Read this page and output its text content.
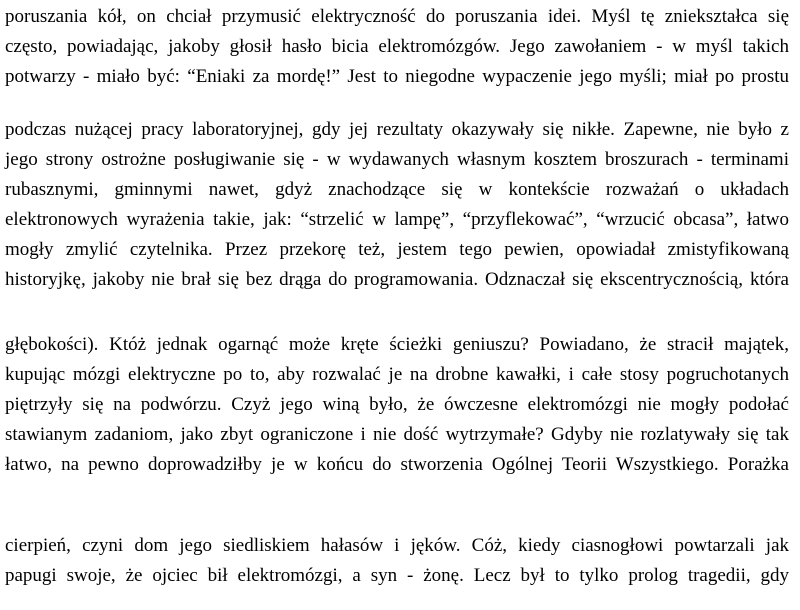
poruszania kół, on chciał przymusić elektryczność do poruszania idei. Myśl tę zniekształca się
często, powiadając, jakoby głosił hasło bicia elektromózgów. Jego zawołaniem - w myśl takich
potwarzy - miało być: “Eniaki za mordę!” Jest to niegodne wypaczenie jego myśli; miał po prostu
podczas nużącej pracy laboratoryjnej, gdy jej rezultaty okazywały się nikłe. Zapewne, nie było z
jego strony ostrożne posługiwanie się - w wydawanych własnym kosztem broszurach - terminami
rubasznymi, gminnymi nawet, gdyż znachodzące się w kontekście rozważań o układach
elektronowych wyrażenia takie, jak: “strzelić w lampę”, “przyflekować”, “wrzucić obcasa”, łatwo
mogły zmylić czytelnika. Przez przekorę też, jestem tego pewien, opowiadał zmistyfikowaną
historyjkę, jakoby nie brał się bez drąga do programowania. Odznaczał się ekscentrycznością, która
głębokości). Któż jednak ogarnąć może kręte ścieżki geniuszu? Powiadano, że stracił majątek,
kupując mózgi elektryczne po to, aby rozwalać je na drobne kawałki, i całe stosy pogruchotanych
piętrzyły się na podwórzu. Czyż jego winą było, że ówczesne elektromózgi nie mogły podołać
stawianym zadaniom, jako zbyt ograniczone i nie dość wytrzymałe? Gdyby nie rozlatywały się tak
łatwo, na pewno doprowadziłby je w końcu do stworzenia Ogólnej Teorii Wszystkiego. Porażka
cierpień, czyni dom jego siedliskiem hałasów i jęków. Cóż, kiedy ciasnogłowi powtarzali jak
papugi swoje, że ojciec bił elektromózgi, a syn - żonę. Lecz był to tylko prolog tragedii, gdy
